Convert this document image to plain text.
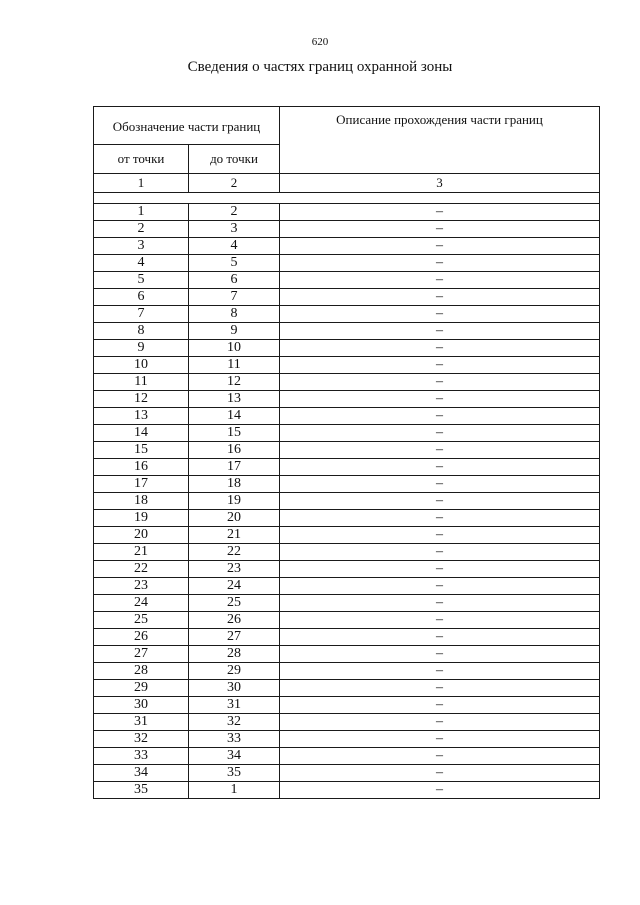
620
Сведения о частях границ охранной зоны
Обозначение части границ		Описание прохождения части границ
от точки	до точки	
1	2	3

1	2	–
2	3	–
3	4	–
4	5	–
5	6	–
6	7	–
7	8	–
8	9	–
9	10	–
10	11	–
11	12	–
12	13	–
13	14	–
14	15	–
15	16	–
16	17	–
17	18	–
18	19	–
19	20	–
20	21	–
21	22	–
22	23	–
23	24	–
24	25	–
25	26	–
26	27	–
27	28	–
28	29	–
29	30	–
30	31	–
31	32	–
32	33	–
33	34	–
34	35	–
35	1	–
